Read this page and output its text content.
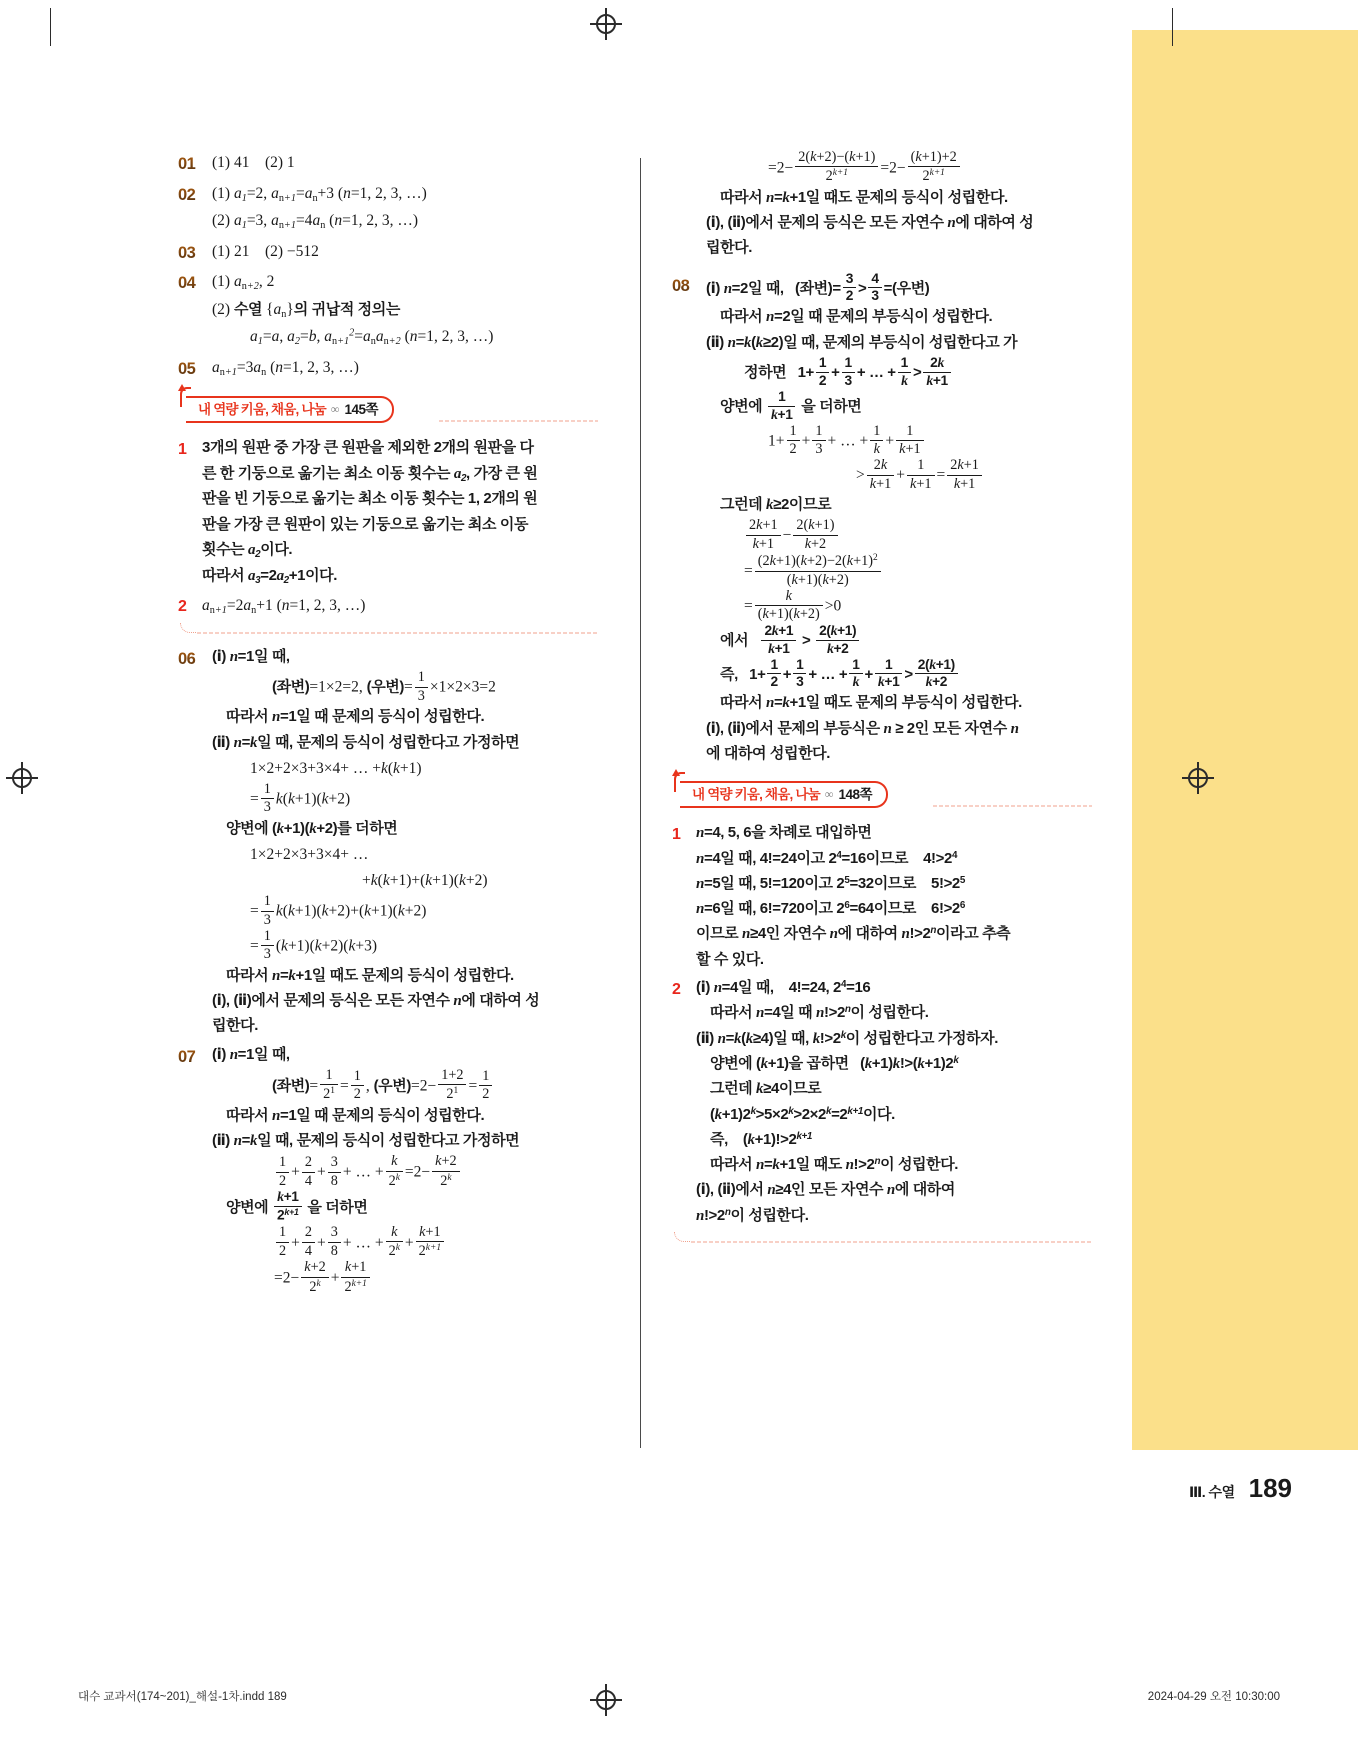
01	(1) 41    (2) 1
02	(1) $a_1=2$, $a_{n+1}=a_n+3$ (n=1, 2, 3, …)
(2) $a_1=3$, $a_{n+1}=4a_n$ (n=1, 2, 3, …)
03	(1) 21    (2) −512
04	(1) $a_{n+2}$, 2
(2) 수열 $\{a_n\}$의 귀납적 정의는
$a_1=a$, $a_2=b$, $a_{n+1}^2=a_na_{n+2}$ (n=1, 2, 3, …)
05	$a_{n+1}=3a_n$ (n=1, 2, 3, …)
내 역량 키움, 채움, 나눔 ∞ 145쪽
1	3개의 원판 중 가장 큰 원판을 제외한 2개의 원판을 다
른 한 기둥으로 옮기는 최소 이동 횟수는 $a_2$, 가장 큰 원
판을 빈 기둥으로 옮기는 최소 이동 횟수는 1, 2개의 원
판을 가장 큰 원판이 있는 기둥으로 옮기는 최소 이동
횟수는 $a_2$이다.
따라서 $a_3=2a_2+1$이다.
2 $a_{n+1}=2a_n+1$ (n=1, 2, 3, …)
06	(ⅰ) n=1일 때,
(좌변)=1×2=2, (우변)= $\frac{1}{3} \times 1\times 2\times 3=2$
따라서 n=1일 때 문제의 등식이 성립한다.
(ⅱ) n=k일 때, 문제의 등식이 성립한다고 가정하면
1×2+2×3+3×4+ … +k(k+1)
= $\frac{1}{3} k(k+1)(k+2)$
양변에 (k+1)(k+2)를 더하면
1×2+2×3+3×4+ …
+k(k+1)+(k+1)(k+2)
= $\frac{1}{3} k(k+1)(k+2)+(k+1)(k+2)$
= $\frac{1}{3} (k+1)(k+2)(k+3)$
따라서 n=k+1일 때도 문제의 등식이 성립한다.
(ⅰ), (ⅱ)에서 문제의 등식은 모든 자연수 n에 대하여 성
립한다.
07	(ⅰ) n=1일 때,
(좌변)= $\frac{1}{2^1} = \frac{1}{2}$ , (우변)$=2- \frac{1+2}{2^1} = \frac{1}{2}$
따라서 n=1일 때 문제의 등식이 성립한다.
(ⅱ) n=k일 때, 문제의 등식이 성립한다고 가정하면
$\frac{1}{2} + \frac{2}{4} + \frac{3}{8}$ + … + $\frac{k}{2^k} =2- \frac{k+2}{2^k}$
양변에 $\frac{k+1}{2^{k+1}}$ 을 더하면
$\frac{1}{2} + \frac{2}{4} + \frac{3}{8}$ + … + $\frac{k}{2^k} + \frac{k+1}{2^{k+1}}$
$=2- \frac{k+2}{2^k} + \frac{k+1}{2^{k+1}}$
$=2- \frac{2(k+2)-(k+1)}{2^{k+1}} =2- \frac{(k+1)+2}{2^{k+1}}$
따라서 n=k+1일 때도 문제의 등식이 성립한다.
(ⅰ), (ⅱ)에서 문제의 등식은 모든 자연수 n에 대하여 성
립한다.
08	(ⅰ) n=2일 때,   (좌변)= $\frac{3}{2} > \frac{4}{3}$ =(우변)
따라서 n=2일 때 문제의 부등식이 성립한다.
(ⅱ) n=k(k≥2)일 때, 문제의 부등식이 성립한다고 가
정하면   $1+ \frac{1}{2} + \frac{1}{3}$ + … + $\frac{1}{k} > \frac{2k}{k+1}$
양변에 $\frac{1}{k+1}$ 을 더하면
$1+ \frac{1}{2} + \frac{1}{3}$ + … + $\frac{1}{k} + \frac{1}{k+1}$
> $\frac{2k}{k+1} + \frac{1}{k+1} = \frac{2k+1}{k+1}$
그런데 k≥2이므로
$\frac{2k+1}{k+1} - \frac{2(k+1)}{k+2}$
= $\frac{(2k+1)(k+2)-2(k+1)^2}{(k+1)(k+2)}$
= $\frac{k}{(k+1)(k+2)} >0$
에서 $\frac{2k+1}{k+1} > \frac{2(k+1)}{k+2}$
즉,   $1+ \frac{1}{2} + \frac{1}{3}$ + … + $\frac{1}{k} + \frac{1}{k+1} > \frac{2(k+1)}{k+2}$
따라서 n=k+1일 때도 문제의 부등식이 성립한다.
(ⅰ), (ⅱ)에서 문제의 부등식은 n ≥ 2인 모든 자연수 n
에 대하여 성립한다.
내 역량 키움, 채움, 나눔 ∞ 148쪽
1	n=4, 5, 6을 차례로 대입하면
n=4일 때, 4!=24이고 $2^4=16$이므로    $4!>2^4$
n=5일 때, 5!=120이고 $2^5=32$이므로    $5!>2^5$
n=6일 때, 6!=720이고 $2^6=64$이므로    $6!>2^6$
이므로 n≥4인 자연수 n에 대하여 $n!>2^n$이라고 추측
할 수 있다.
2	(ⅰ) n=4일 때,    4!=24, $2^4=16$
따라서 n=4일 때 $n!>2^n$이 성립한다.
(ⅱ) n=k(k≥4)일 때, $k!>2^k$이 성립한다고 가정하자.
양변에 (k+1)을 곱하면   $(k+1)k!>(k+1)2^k$
그런데 k≥4이므로
$(k+1)2^k>5\times 2^k>2\times 2^k=2^{k+1}$이다.
즉,    $(k+1)!>2^{k+1}$
따라서 n=k+1일 때도 $n!>2^n$이 성립한다.
(ⅰ), (ⅱ)에서 n≥4인 모든 자연수 n에 대하여
$n!>2^n$이 성립한다.
Ⅲ. 수열 189
대수 교과서(174~201)_해설-1차.indd 189	2024-04-29 오전 10:30:00
